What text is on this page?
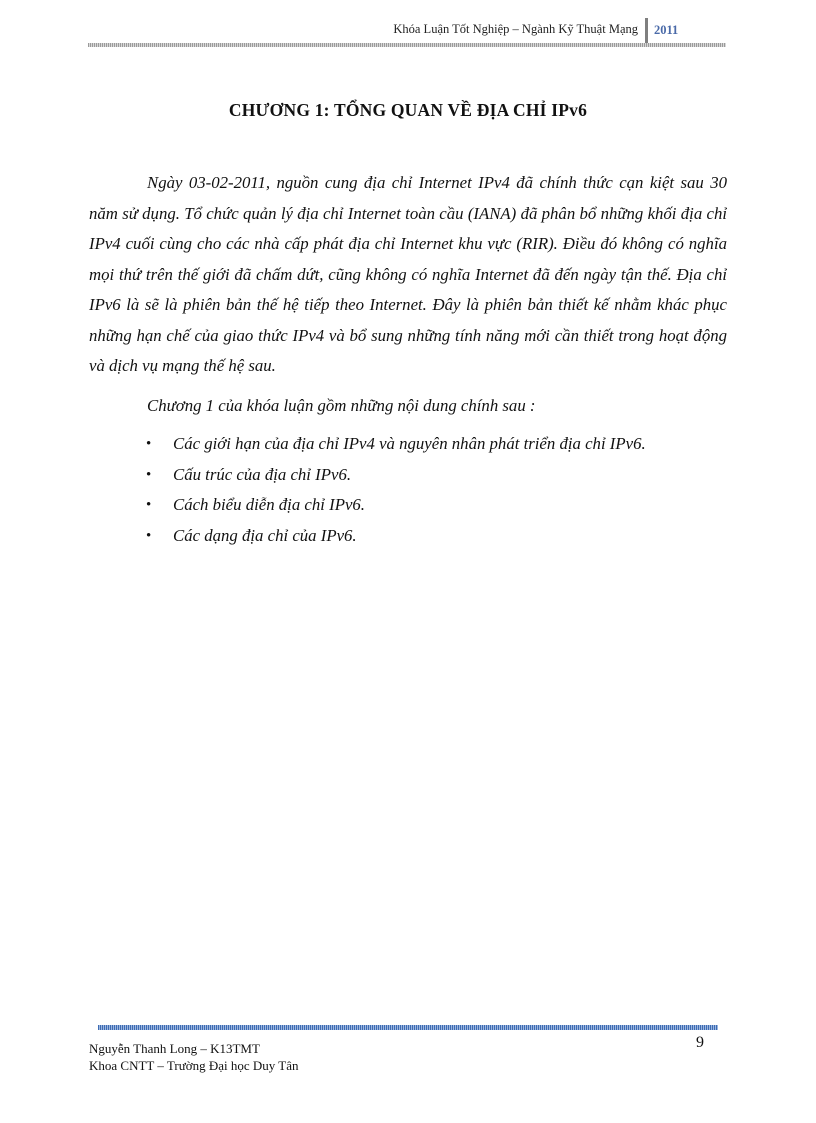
Khóa Luận Tốt Nghiệp – Ngành Kỹ Thuật Mạng 2011
CHƯƠNG 1: TỔNG QUAN VỀ ĐỊA CHỈ IPv6

Ngày 03-02-2011, nguồn cung địa chỉ Internet IPv4 đã chính thức cạn kiệt sau 30 năm sử dụng. Tổ chức quản lý địa chỉ Internet toàn cầu (IANA) đã phân bổ những khối địa chỉ IPv4 cuối cùng cho các nhà cấp phát địa chỉ Internet khu vực (RIR). Điều đó không có nghĩa mọi thứ trên thế giới đã chấm dứt, cũng không có nghĩa Internet đã đến ngày tận thế. Địa chỉ IPv6 là sẽ là phiên bản thế hệ tiếp theo Internet. Đây là phiên bản thiết kế nhằm khác phục những hạn chế của giao thức IPv4 và bổ sung những tính năng mới cần thiết trong hoạt động và dịch vụ mạng thế hệ sau.

Chương 1 của khóa luận gồm những nội dung chính sau :

• Các giới hạn của địa chỉ IPv4 và nguyên nhân phát triển địa chỉ IPv6.
• Cấu trúc của địa chỉ IPv6.
• Cách biểu diễn địa chỉ IPv6.
• Các dạng địa chỉ của IPv6.
9
Nguyễn Thanh Long – K13TMT
Khoa CNTT – Trường Đại học Duy Tân
